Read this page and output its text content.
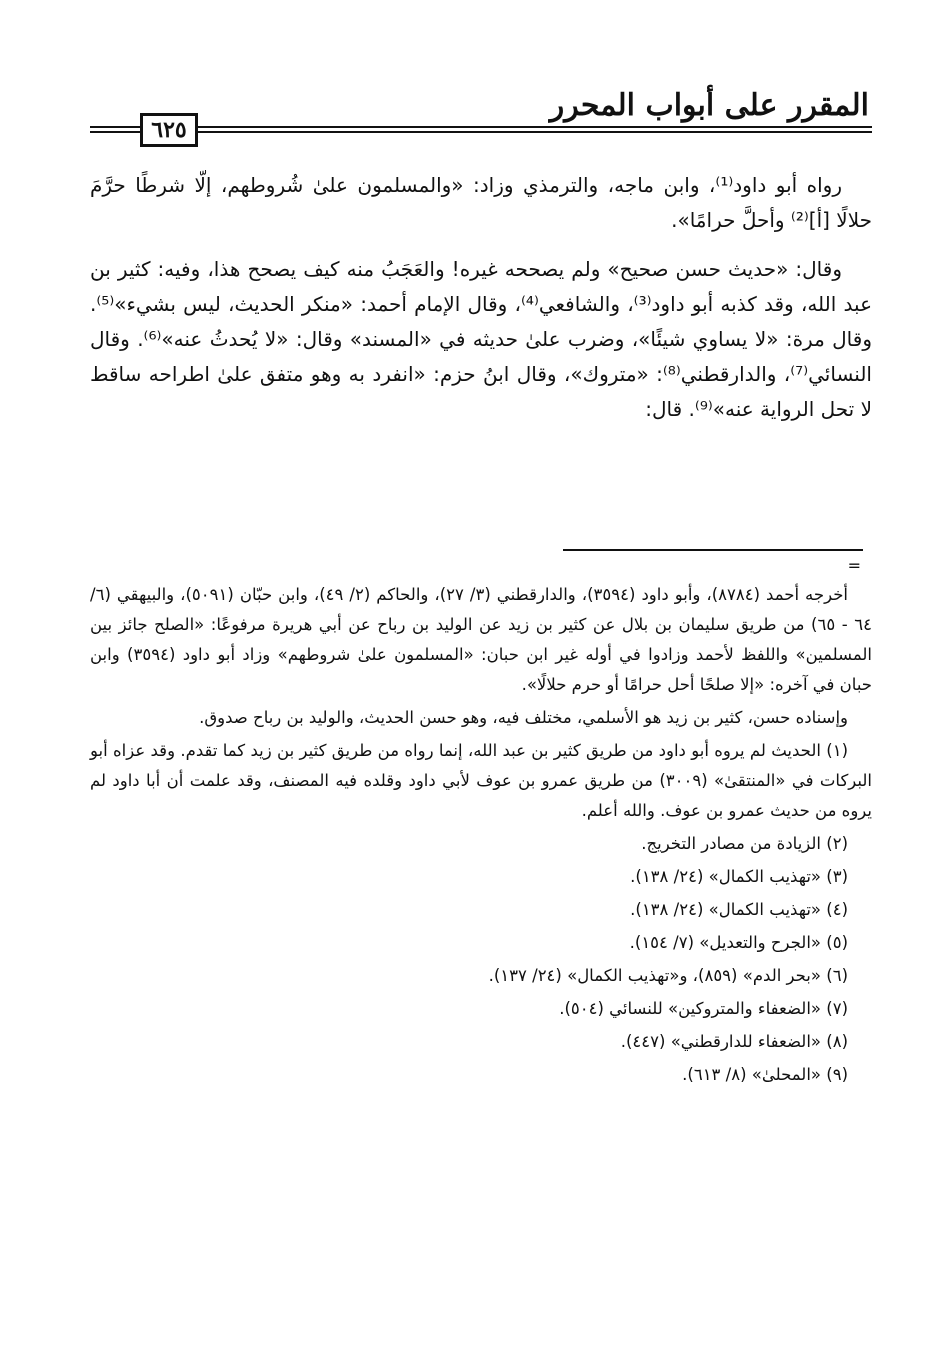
المقرر على أبواب المحرر
٦٢٥

رواه أبو داود⁽¹⁾، وابن ماجه، والترمذي وزاد: «والمسلمون علىٰ شُروطهم، إلّا شرطًا حرَّمَ حلالًا [أ]⁽²⁾ وأحلَّ حرامًا».

وقال: «حديث حسن صحيح» ولم يصححه غيره! والعَجَبُ منه كيف يصحح هذا، وفيه: كثير بن عبد الله، وقد كذبه أبو داود⁽³⁾، والشافعي⁽⁴⁾، وقال الإمام أحمد: «منكر الحديث، ليس بشيء»⁽⁵⁾. وقال مرة: «لا يساوي شيئًا»، وضرب علىٰ حديثه في «المسند» وقال: «لا يُحدثُ عنه»⁽⁶⁾. وقال النسائي⁽⁷⁾، والدارقطني⁽⁸⁾: «متروك»، وقال ابنُ حزم: «انفرد به وهو متفق علىٰ اطراحه ساقط لا تحل الرواية عنه»⁽⁹⁾. قال:

=

أخرجه أحمد (٨٧٨٤)، وأبو داود (٣٥٩٤)، والدارقطني (٣/ ٢٧)، والحاكم (٢/ ٤٩)، وابن حبّان (٥٠٩١)، والبيهقي (٦/ ٦٤ - ٦٥) من طريق سليمان بن بلال عن كثير بن زيد عن الوليد بن رباح عن أبي هريرة مرفوعًا: «الصلح جائز بين المسلمين» واللفظ لأحمد وزادوا في أوله غير ابن حبان: «المسلمون علىٰ شروطهم» وزاد أبو داود (٣٥٩٤) وابن حبان في آخره: «إلا صلحًا أحل حرامًا أو حرم حلالًا».

وإسناده حسن، كثير بن زيد هو الأسلمي، مختلف فيه، وهو حسن الحديث، والوليد بن رباح صدوق.

(١) الحديث لم يروه أبو داود من طريق كثير بن عبد الله، إنما رواه من طريق كثير بن زيد كما تقدم. وقد عزاه أبو البركات في «المنتقىٰ» (٣٠٠٩) من طريق عمرو بن عوف لأبي داود وقلده فيه المصنف، وقد علمت أن أبا داود لم يروه من حديث عمرو بن عوف. والله أعلم.

(٢) الزيادة من مصادر التخريج.

(٣) «تهذيب الكمال» (٢٤/ ١٣٨).

(٤) «تهذيب الكمال» (٢٤/ ١٣٨).

(٥) «الجرح والتعديل» (٧/ ١٥٤).

(٦) «بحر الدم» (٨٥٩)، و«تهذيب الكمال» (٢٤/ ١٣٧).

(٧) «الضعفاء والمتروكين» للنسائي (٥٠٤).

(٨) «الضعفاء للدارقطني» (٤٤٧).

(٩) «المحلىٰ» (٨/ ٦١٣).
